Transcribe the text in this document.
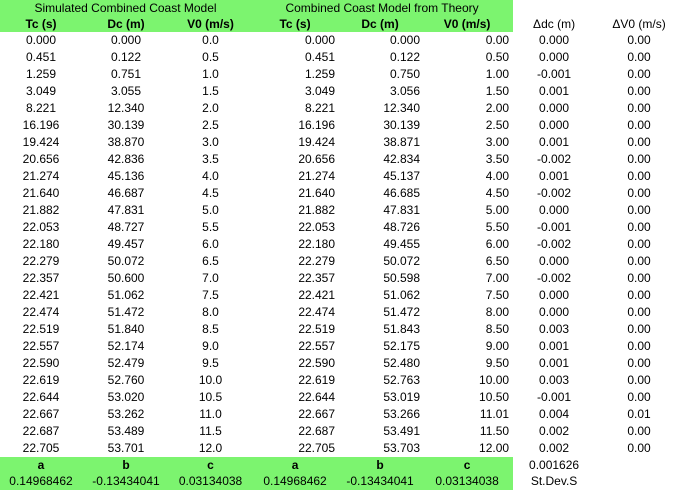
Simulated Combined Coast Model			Combined Coast Model from Theory				
Tc (s)	Dc (m)	V0 (m/s)	Tc (s)	Dc (m)	V0 (m/s)	Δdc (m)	ΔV0 (m/s)
0.000	0.000	0.0	0.000	0.000	0.00	0.000	0.00
0.451	0.122	0.5	0.451	0.122	0.50	0.000	0.00
1.259	0.751	1.0	1.259	0.750	1.00	-0.001	0.00
3.049	3.055	1.5	3.049	3.056	1.50	0.001	0.00
8.221	12.340	2.0	8.221	12.340	2.00	0.000	0.00
16.196	30.139	2.5	16.196	30.139	2.50	0.000	0.00
19.424	38.870	3.0	19.424	38.871	3.00	0.001	0.00
20.656	42.836	3.5	20.656	42.834	3.50	-0.002	0.00
21.274	45.136	4.0	21.274	45.137	4.00	0.001	0.00
21.640	46.687	4.5	21.640	46.685	4.50	-0.002	0.00
21.882	47.831	5.0	21.882	47.831	5.00	0.000	0.00
22.053	48.727	5.5	22.053	48.726	5.50	-0.001	0.00
22.180	49.457	6.0	22.180	49.455	6.00	-0.002	0.00
22.279	50.072	6.5	22.279	50.072	6.50	0.000	0.00
22.357	50.600	7.0	22.357	50.598	7.00	-0.002	0.00
22.421	51.062	7.5	22.421	51.062	7.50	0.000	0.00
22.474	51.472	8.0	22.474	51.472	8.00	0.000	0.00
22.519	51.840	8.5	22.519	51.843	8.50	0.003	0.00
22.557	52.174	9.0	22.557	52.175	9.00	0.001	0.00
22.590	52.479	9.5	22.590	52.480	9.50	0.001	0.00
22.619	52.760	10.0	22.619	52.763	10.00	0.003	0.00
22.644	53.020	10.5	22.644	53.019	10.50	-0.001	0.00
22.667	53.262	11.0	22.667	53.266	11.01	0.004	0.01
22.687	53.489	11.5	22.687	53.491	11.50	0.002	0.00
22.705	53.701	12.0	22.705	53.703	12.00	0.002	0.00
a	b	c	a	b	c	0.001626	
0.14968462	-0.13434041	0.03134038	0.14968462	-0.13434041	0.03134038	St.Dev.S	
